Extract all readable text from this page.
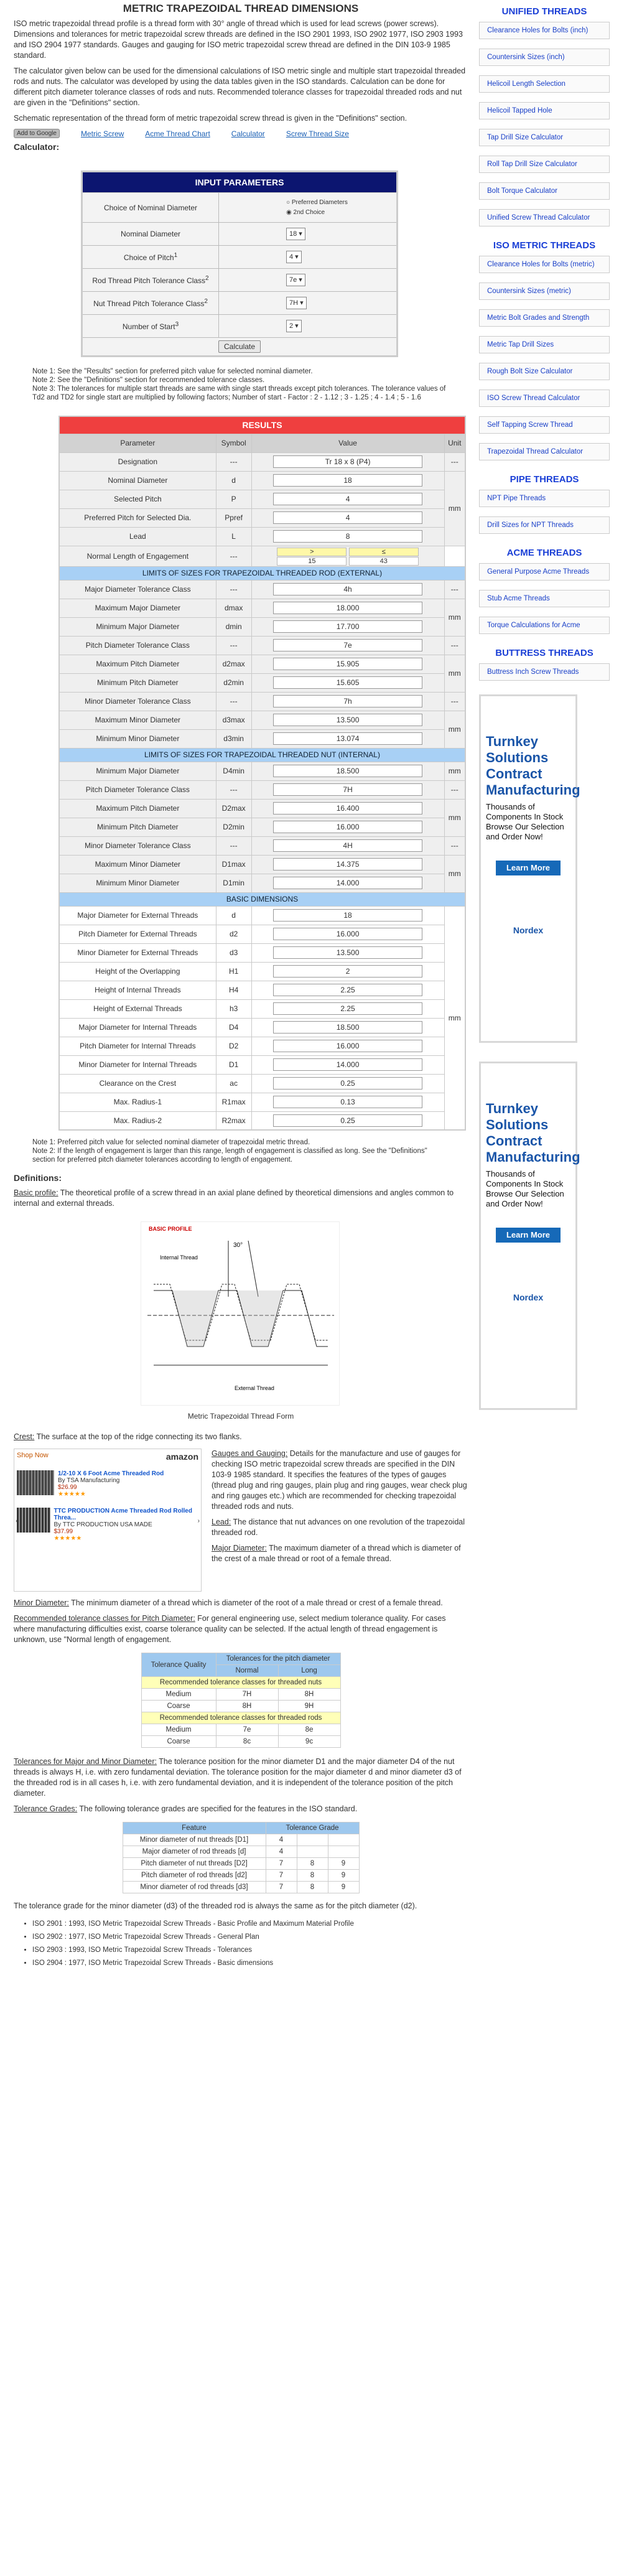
METRIC TRAPEZOIDAL THREAD DIMENSIONS

ISO metric trapezoidal thread profile is a thread form with 30° angle of thread which is used for lead screws (power screws). Dimensions and tolerances for metric trapezoidal screw threads are defined in the ISO 2901 1993, ISO 2902 1977, ISO 2903 1993 and ISO 2904 1977 standards. Gauges and gauging for ISO metric trapezoidal screw thread are defined in the DIN 103-9 1985 standard.

The calculator given below can be used for the dimensional calculations of ISO metric single and multiple start trapezoidal threaded rods and nuts. The calculator was developed by using the data tables given in the ISO standards. Calculation can be done for different pitch diameter tolerance classes of rods and nuts. Recommended tolerance classes for trapezoidal threaded rods and nut are given in the "Definitions" section.

Schematic representation of the thread form of metric trapezoidal screw thread is given in the "Definitions" section.

Add to Google	Metric Screw	Acme Thread Chart	Calculator	Screw Thread Size
Calculator:
INPUT PARAMETERS	
Choice of Nominal Diameter	○ Preferred Diameters
◉ 2nd Choice

Nominal Diameter	18 ▾
Choice of Pitch$^1$	4 ▾
Rod Thread Pitch Tolerance Class$^2$	7e ▾
Nut Thread Pitch Tolerance Class$^2$	7H ▾
Number of Start$^3$	2 ▾
Calculate	

Note 1: See the "Results" section for preferred pitch value for selected nominal diameter.

Note 2: See the "Definitions" section for recommended tolerance classes.

Note 3: The tolerances for multiple start threads are same with single start threads except pitch tolerances. The tolerance values of Td2 and TD2 for single start are multiplied by following factors; Number of start - Factor : 2 - 1.12 ; 3 - 1.25 ; 4 - 1.4 ; 5 - 1.6

RESULTS			
Parameter	Symbol	Value	Unit
Designation	---	Tr 18 x 8 (P4)	---
Nominal Diameter	d	18	mm
Selected Pitch	P	4	

Preferred Pitch for Selected Dia.	Ppref	4	

Lead	L	8	

Normal Length of Engagement	---	> ≤
15 43	
LIMITS OF SIZES FOR TRAPEZOIDAL THREADED ROD (EXTERNAL)			
Major Diameter Tolerance Class	---	4h	---
Maximum Major Diameter	dmax	18.000	mm
Minimum Major Diameter	dmin	17.700	

Pitch Diameter Tolerance Class	---	7e	---
Maximum Pitch Diameter	d2max	15.905	mm
Minimum Pitch Diameter	d2min	15.605	

Minor Diameter Tolerance Class	---	7h	---
Maximum Minor Diameter	d3max	13.500	mm
Minimum Minor Diameter	d3min	13.074	

LIMITS OF SIZES FOR TRAPEZOIDAL THREADED NUT (INTERNAL)			
Minimum Major Diameter	D4min	18.500	mm
Pitch Diameter Tolerance Class	---	7H	---
Maximum Pitch Diameter	D2max	16.400	mm
Minimum Pitch Diameter	D2min	16.000	

Minor Diameter Tolerance Class	---	4H	---
Maximum Minor Diameter	D1max	14.375	mm
Minimum Minor Diameter	D1min	14.000	

BASIC DIMENSIONS			
Major Diameter for External Threads	d	18	mm
Pitch Diameter for External Threads	d2	16.000	

Minor Diameter for External Threads	d3	13.500	

Height of the Overlapping	H1	2	

Height of Internal Threads	H4	2.25	

Height of External Threads	h3	2.25	

Major Diameter for Internal Threads	D4	18.500	

Pitch Diameter for Internal Threads	D2	16.000	

Minor Diameter for Internal Threads	D1	14.000	

Clearance on the Crest	ac	0.25	

Max. Radius-1	R1max	0.13	

Max. Radius-2	R2max	0.25	

Note 1: Preferred pitch value for selected nominal diameter of trapezoidal metric thread.

Note 2: If the length of engagement is larger than this range, length of engagement is classified as long. See the "Definitions" section for preferred pitch diameter tolerances according to length of engagement.

Definitions:

Basic profile: The theoretical profile of a screw thread in an axial plane defined by theoretical dimensions and angles common to internal and external threads.

BASIC PROFILE
30°
Internal Thread
External Thread

Metric Trapezoidal Thread Form

Crest: The surface at the top of the ridge connecting its two flanks.

Shop Now	amazon
1/2-10 X 6 Foot Acme Threaded Rod
By TSA Manufacturing
$26.99
★★★★★
TTC PRODUCTION Acme Threaded Rod Rolled Threa...
By TTC PRODUCTION USA MADE
$37.99
★★★★★
‹	›

Gauges and Gauging: Details for the manufacture and use of gauges for checking ISO metric trapezoidal screw threads are specified in the DIN 103-9 1985 standard. It specifies the features of the types of gauges (thread plug and ring gauges, plain plug and ring gauges, wear check plug and ring gauges etc.) which are recommended for checking trapezoidal threaded rods and nuts.

Lead: The distance that nut advances on one revolution of the trapezoidal threaded rod.

Major Diameter: The maximum diameter of a thread which is diameter of the crest of a male thread or root of a female thread.

Minor Diameter: The minimum diameter of a thread which is diameter of the root of a male thread or crest of a female thread.

Recommended tolerance classes for Pitch Diameter: For general engineering use, select medium tolerance quality. For cases where manufacturing difficulties exist, coarse tolerance quality can be selected. If the actual length of thread engagement is unknown, use "Normal length of engagement.

Tolerance Quality	Tolerances for the pitch diameter	
	Normal	Long
Recommended tolerance classes for threaded nuts		
Medium	7H	8H
Coarse	8H	9H
Recommended tolerance classes for threaded rods		
Medium	7e	8e
Coarse	8c	9c

Tolerances for Major and Minor Diameter: The tolerance position for the minor diameter D1 and the major diameter D4 of the nut threads is always H, i.e. with zero fundamental deviation. The tolerance position for the major diameter d and minor diameter d3 of the threaded rod is in all cases h, i.e. with zero fundamental deviation, and it is independent of the tolerance position of the pitch diameter.

Tolerance Grades: The following tolerance grades are specified for the features in the ISO standard.

Feature	Tolerance Grade		
Minor diameter of nut threads [D1]	4		
Major diameter of rod threads [d]	4		
Pitch diameter of nut threads [D2]	7	8	9
Pitch diameter of rod threads [d2]	7	8	9
Minor diameter of rod threads [d3]	7	8	9

The tolerance grade for the minor diameter (d3) of the threaded rod is always the same as for the pitch diameter (d2).

• ISO 2901 : 1993, ISO Metric Trapezoidal Screw Threads - Basic Profile and Maximum Material Profile
• ISO 2902 : 1977, ISO Metric Trapezoidal Screw Threads - General Plan
• ISO 2903 : 1993, ISO Metric Trapezoidal Screw Threads - Tolerances
• ISO 2904 : 1977, ISO Metric Trapezoidal Screw Threads - Basic dimensions
UNIFIED THREADS
Clearance Holes for Bolts (inch)
Countersink Sizes (inch)
Helicoil Length Selection
Helicoil Tapped Hole
Tap Drill Size Calculator
Roll Tap Drill Size Calculator
Bolt Torque Calculator
Unified Screw Thread Calculator
ISO METRIC THREADS
Clearance Holes for Bolts (metric)
Countersink Sizes (metric)
Metric Bolt Grades and Strength
Metric Tap Drill Sizes
Rough Bolt Size Calculator
ISO Screw Thread Calculator
Self Tapping Screw Thread
Trapezoidal Thread Calculator
PIPE THREADS
NPT Pipe Threads
Drill Sizes for NPT Threads
ACME THREADS
General Purpose Acme Threads
Stub Acme Threads
Torque Calculations for Acme
BUTTRESS THREADS
Buttress Inch Screw Threads
Turnkey Solutions Contract Manufacturing
Thousands of Components In Stock Browse Our Selection and Order Now!
Learn More
Nordex
Turnkey Solutions Contract Manufacturing
Thousands of Components In Stock Browse Our Selection and Order Now!
Learn More
Nordex
